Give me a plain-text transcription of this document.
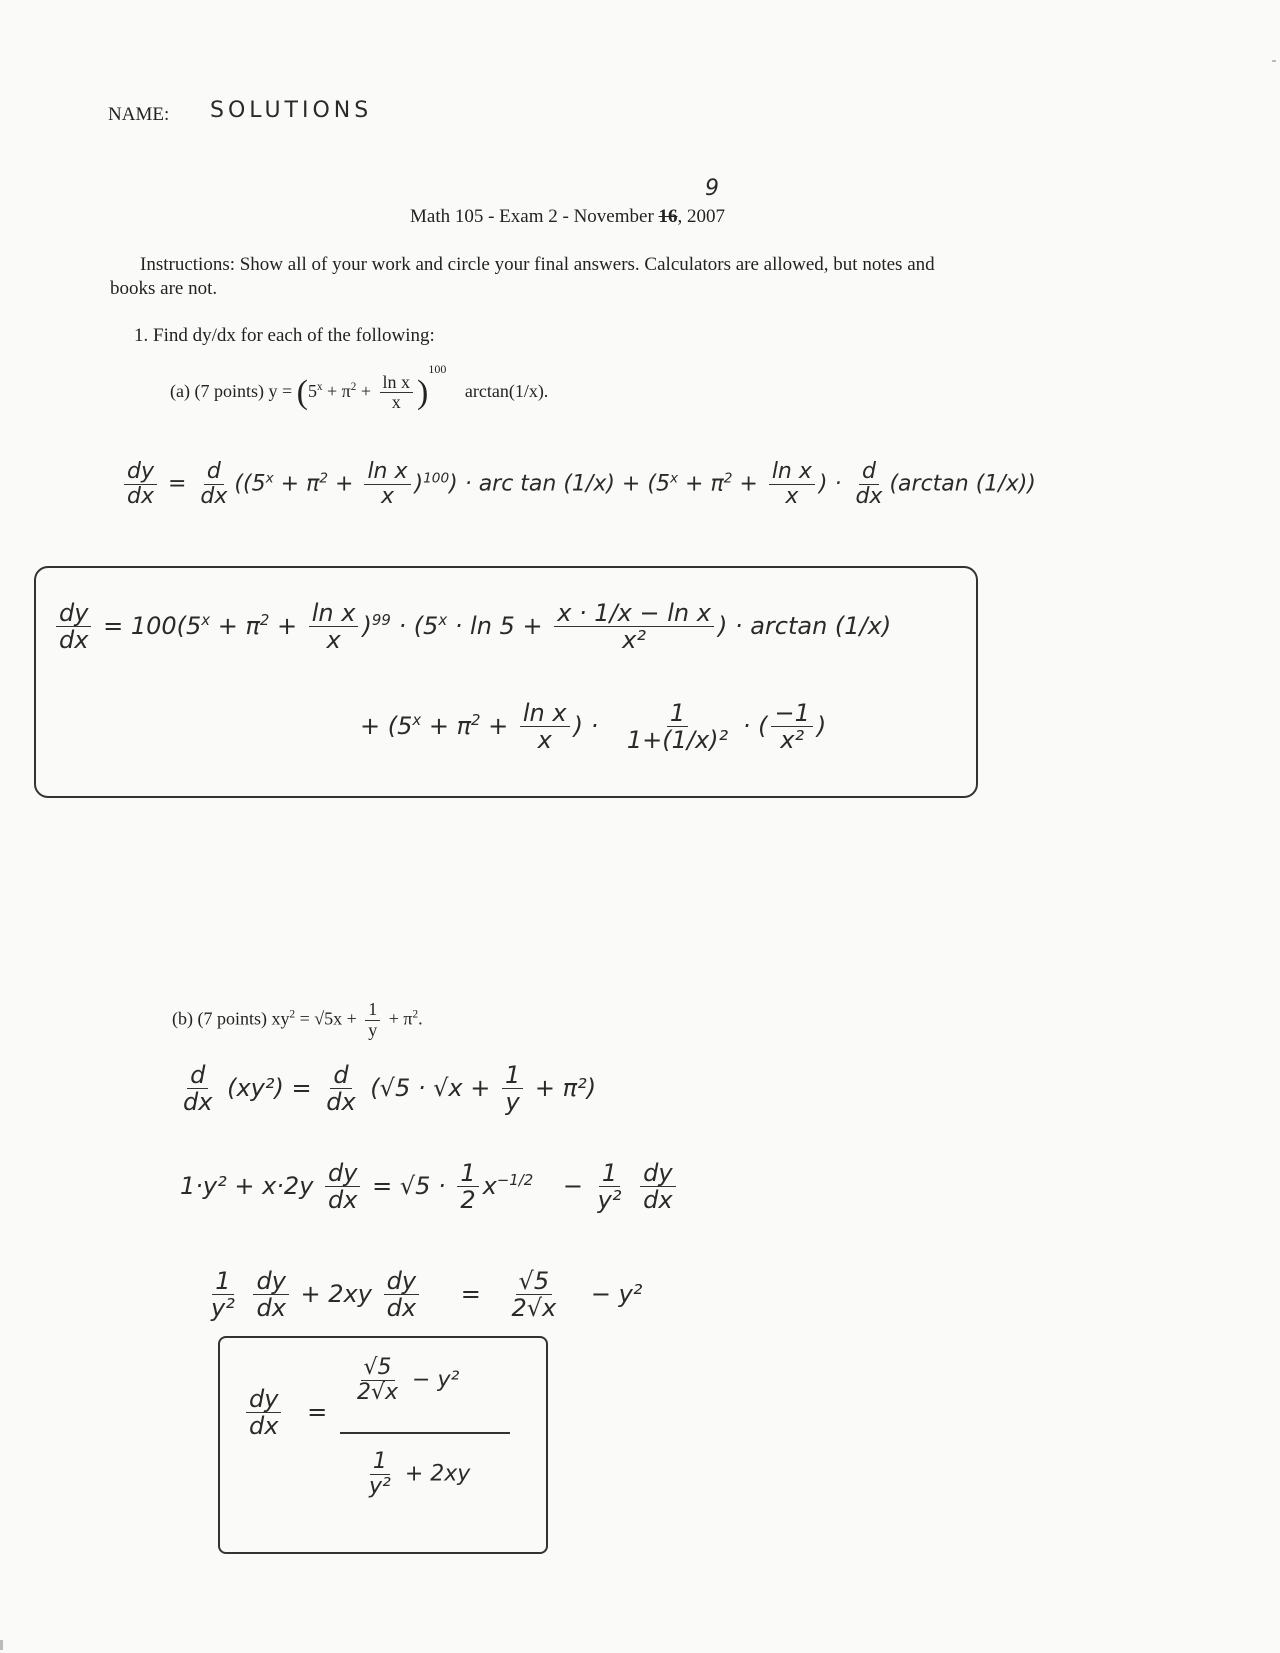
NAME: SOLUTIONS
9
Math 105 - Exam 2 - November 16, 2007
Instructions: Show all of your work and circle your final answers. Calculators are allowed, but notes and
books are not.
1. Find dy/dx for each of the following:
(a) (7 points) $y = (5^x + \pi^2 + \frac{\text{ln x}}{x} )^{100}$ arctan(1/x).
$\frac{dy}{dx} = \frac{d}{dx} ((5^x + \pi^2 + \frac{\text{ln x}}{x} )^{100})$ · arc $\tan (1/x) + (5^x + \pi^2 + \frac{\text{ln x}}{x}$ ) · $\frac{d}{dx} (\arctan$ (1/x))
$\frac{dy}{dx} = 100(5^x + \pi^2 + \frac{\text{ln x}}{x} )^{99} \cdot (5^x \cdot \ln 5 + \frac{\text{x · 1/x − ln x}}{\text{x²}}$ ) · arctan (1/x)
+ ($5^x + \pi^2 + \frac{\text{ln x}}{x}$ ) · $\frac{1}{\text{1+(1/x)²}}$ · ( $\frac{-1}{\text{x²}}$ )
(b) (7 points) $xy^2 = √5x + \frac{1}{y} + \pi^2$.
$\frac{d}{dx} (xy^2) = \frac{d}{dx} (√5 \cdot √x + \frac{1}{y} + \pi^2)$
$1\cdot y^2 + x\cdot 2y \frac{dy}{dx} = √5 \cdot \frac{1}{2} x^{-1/2} - \frac{1}{\text{y²}}$
$\frac{dy}{dx}$
$\frac{1}{\text{y²}}$
$\frac{dy}{dx} + 2xy \frac{dy}{dx} = \frac{√5}{2√x} - y^2$
$\frac{dy}{dx}$ =
$\frac{√5}{2√x} - y^2$
$\frac{1}{\text{y²}} + 2xy$
